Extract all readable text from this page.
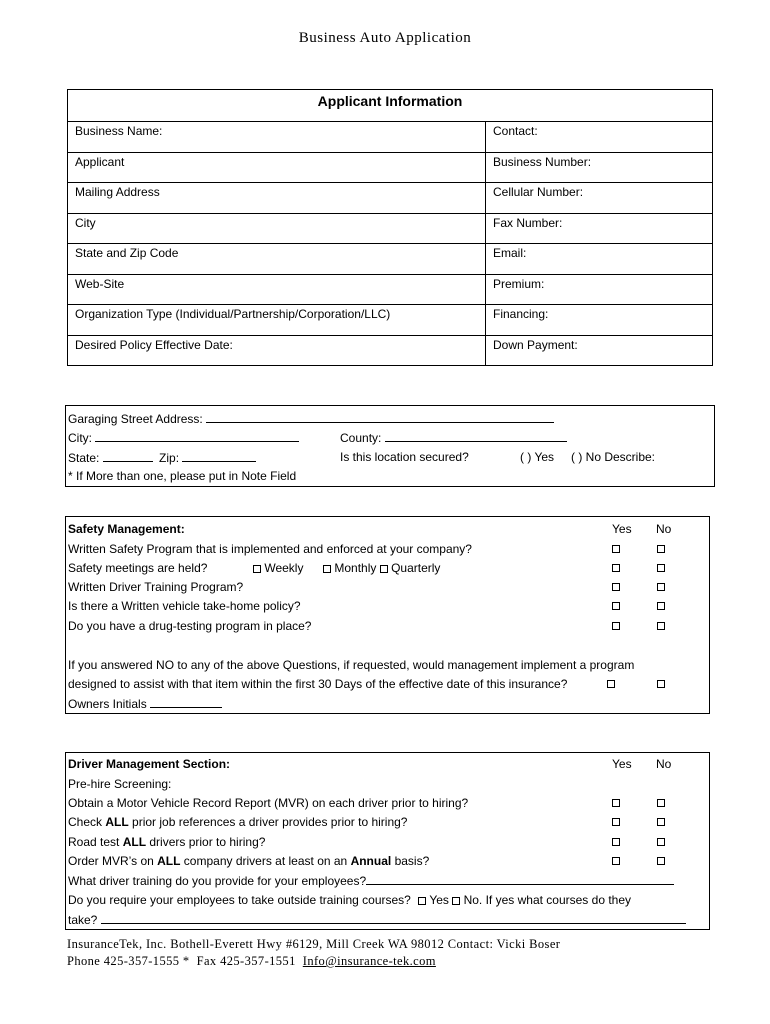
Business Auto Application
Applicant Information
Business Name:	Contact:
Applicant	Business Number:
Mailing Address	Cellular Number:
City	Fax Number:
State and Zip Code	Email:
Web-Site	Premium:
Organization Type (Individual/Partnership/Corporation/LLC)	Financing:
Desired Policy Effective Date:	Down Payment:
Garaging Street Address:
City:	County:
State:	Zip:	Is this location secured?	( ) Yes ( ) No Describe:
* If More than one, please put in Note Field
Safety Management:	Yes No
Written Safety Program that is implemented and enforced at your company?
Safety meetings are held?	Weekly	Monthly Quarterly
Written Driver Training Program?
Is there a Written vehicle take-home policy?
Do you have a drug-testing program in place?
If you answered NO to any of the above Questions, if requested, would management implement a program
designed to assist with that item within the first 30 Days of the effective date of this insurance?
Owners Initials
Driver Management Section:	Yes No
Pre-hire Screening:
Obtain a Motor Vehicle Record Report (MVR) on each driver prior to hiring?
Check ALL prior job references a driver provides prior to hiring?
Road test ALL drivers prior to hiring?
Order MVR’s on ALL company drivers at least on an Annual basis?
What driver training do you provide for your employees?
Do you require your employees to take outside training courses? Yes No. If yes what courses do they
take?
InsuranceTek, Inc. Bothell-Everett Hwy #6129, Mill Creek WA 98012 Contact: Vicki Boser
Phone 425-357-1555 *  Fax 425-357-1551  Info@insurance-tek.com
